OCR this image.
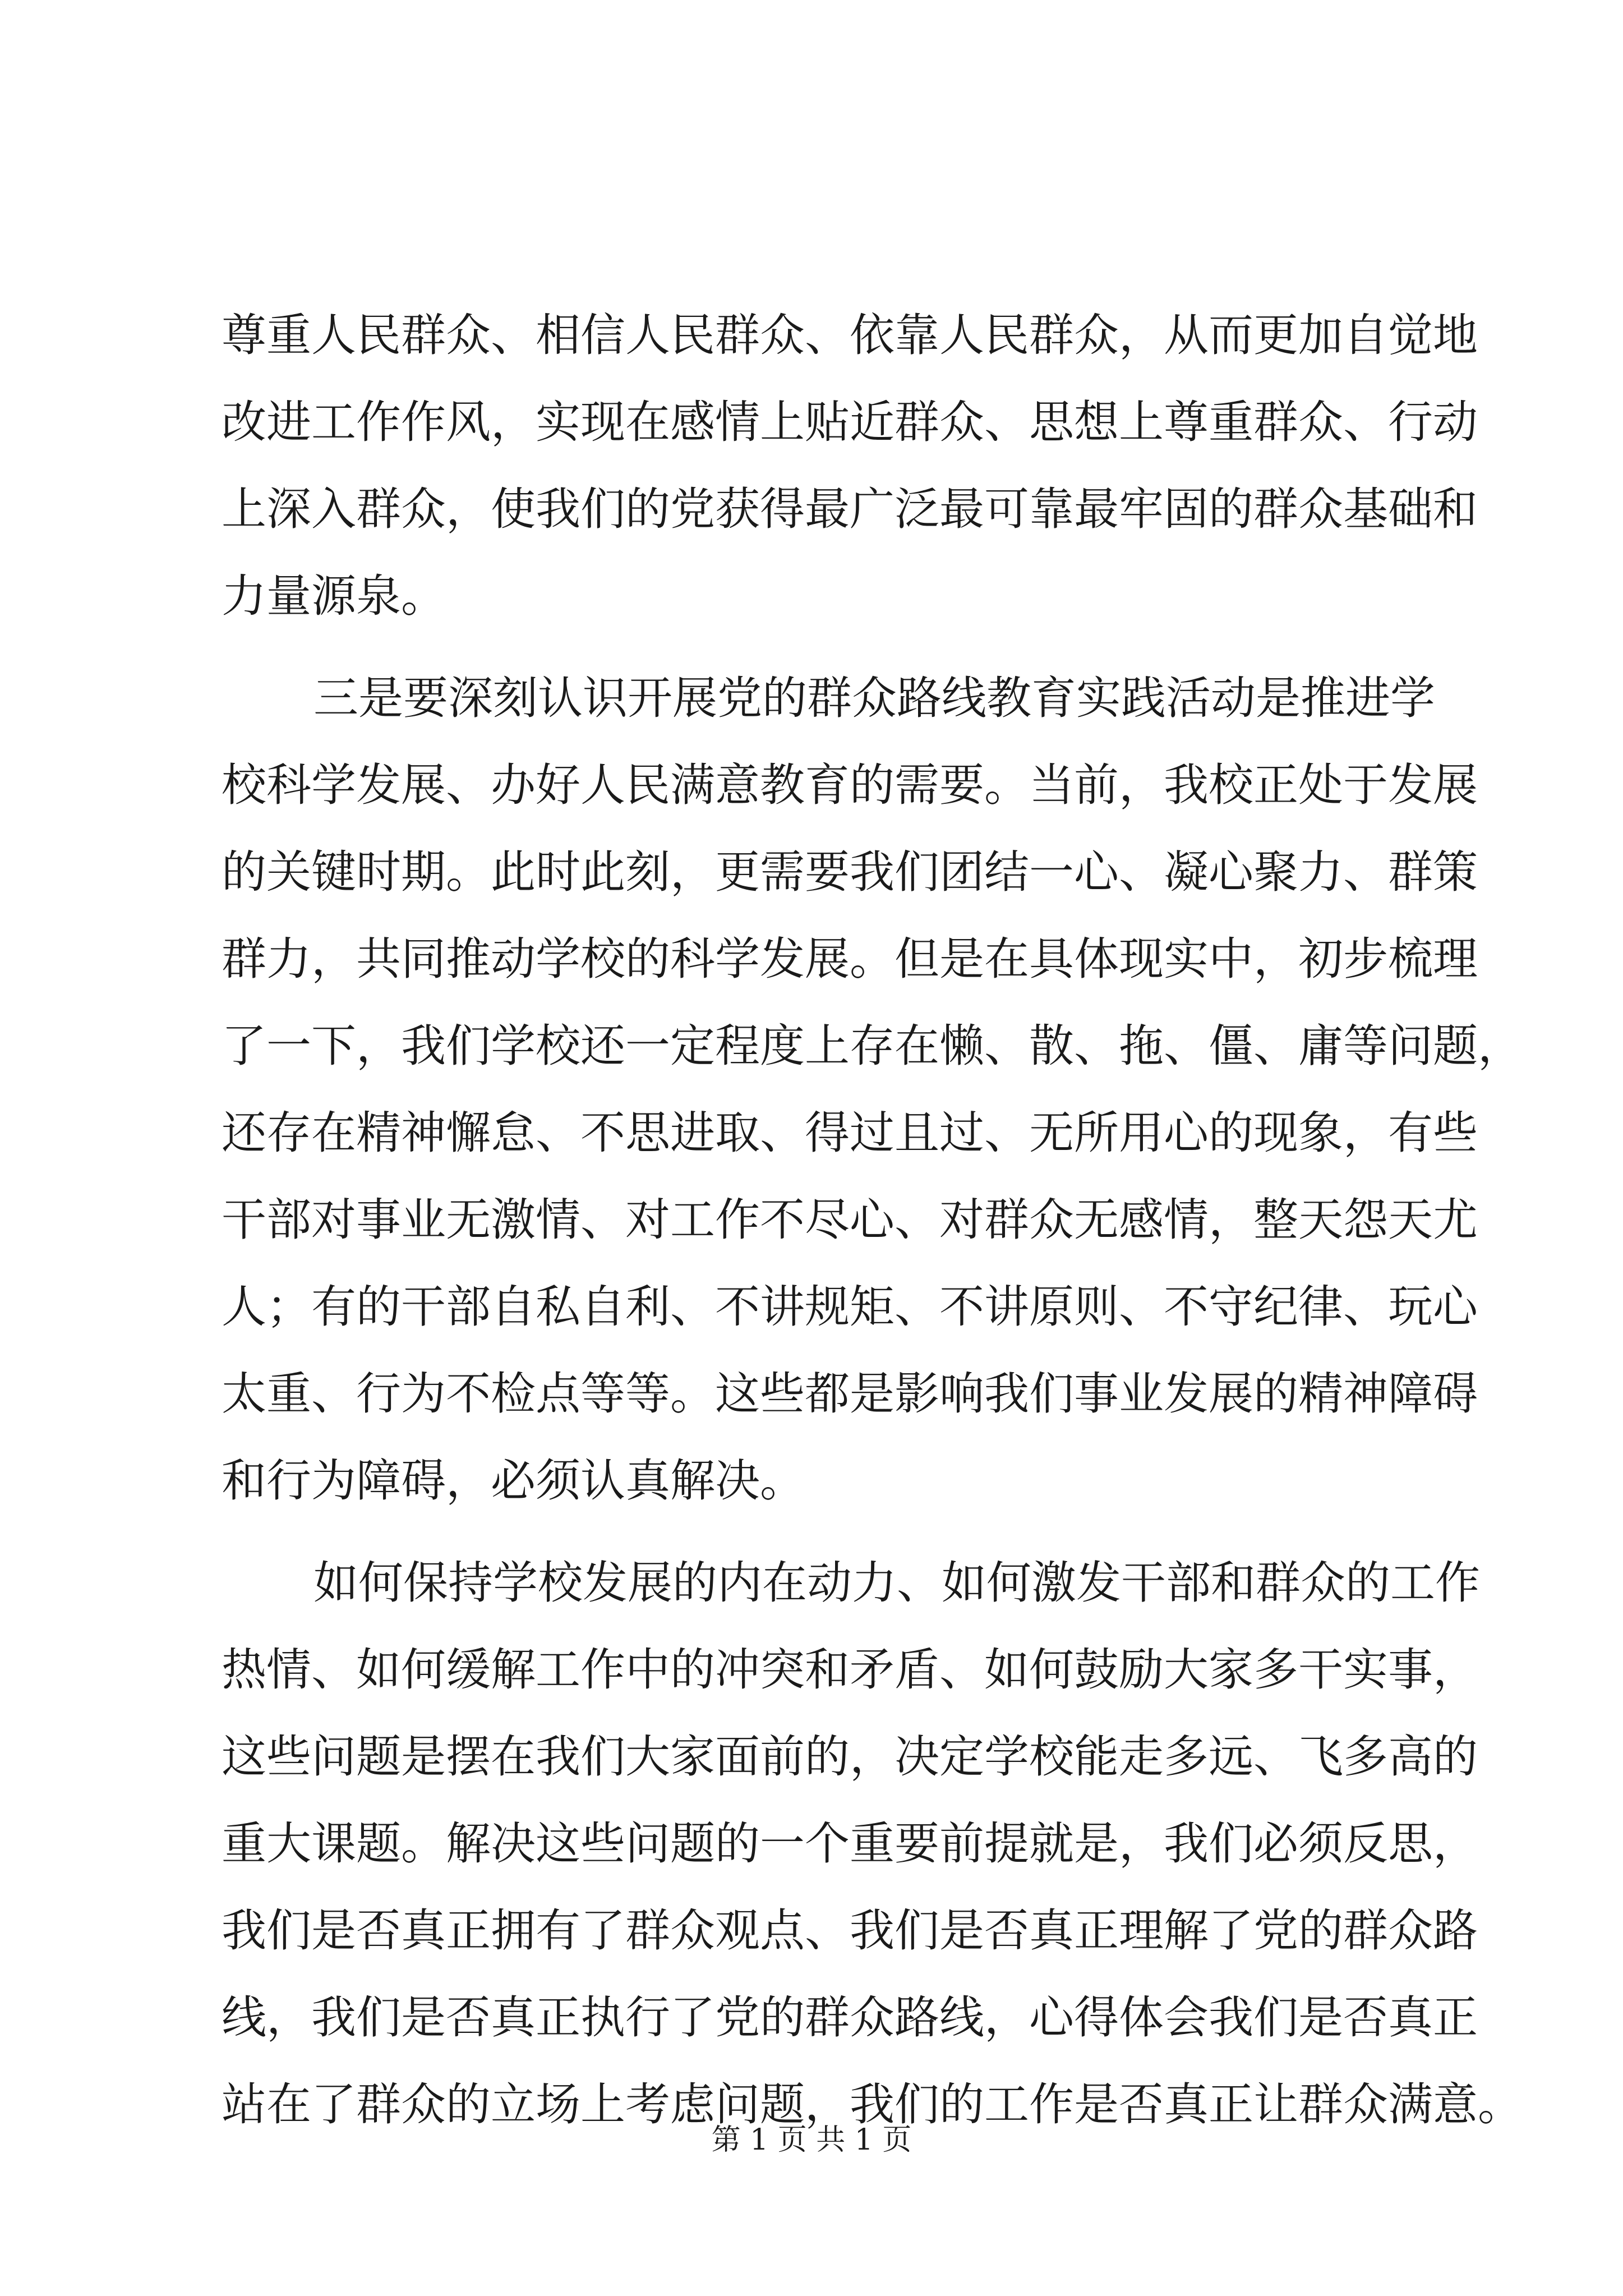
尊重人民群众、相信人民群众、依靠人民群众，从而更加自觉地
改进工作作风，实现在感情上贴近群众、思想上尊重群众、行动
上深入群众，使我们的党获得最广泛最可靠最牢固的群众基础和
力量源泉。
三是要深刻认识开展党的群众路线教育实践活动是推进学
校科学发展、办好人民满意教育的需要。当前，我校正处于发展
的关键时期。此时此刻，更需要我们团结一心、凝心聚力、群策
群力，共同推动学校的科学发展。但是在具体现实中，初步梳理
了一下，我们学校还一定程度上存在懒、散、拖、僵、庸等问题，
还存在精神懈怠、不思进取、得过且过、无所用心的现象，有些
干部对事业无激情、对工作不尽心、对群众无感情，整天怨天尤
人；有的干部自私自利、不讲规矩、不讲原则、不守纪律、玩心
太重、行为不检点等等。这些都是影响我们事业发展的精神障碍
和行为障碍，必须认真解决。
如何保持学校发展的内在动力、如何激发干部和群众的工作
热情、如何缓解工作中的冲突和矛盾、如何鼓励大家多干实事，
这些问题是摆在我们大家面前的，决定学校能走多远、飞多高的
重大课题。解决这些问题的一个重要前提就是，我们必须反思，
我们是否真正拥有了群众观点、我们是否真正理解了党的群众路
线，我们是否真正执行了党的群众路线，心得体会我们是否真正
站在了群众的立场上考虑问题，我们的工作是否真正让群众满意。
第 1 页 共 1 页
